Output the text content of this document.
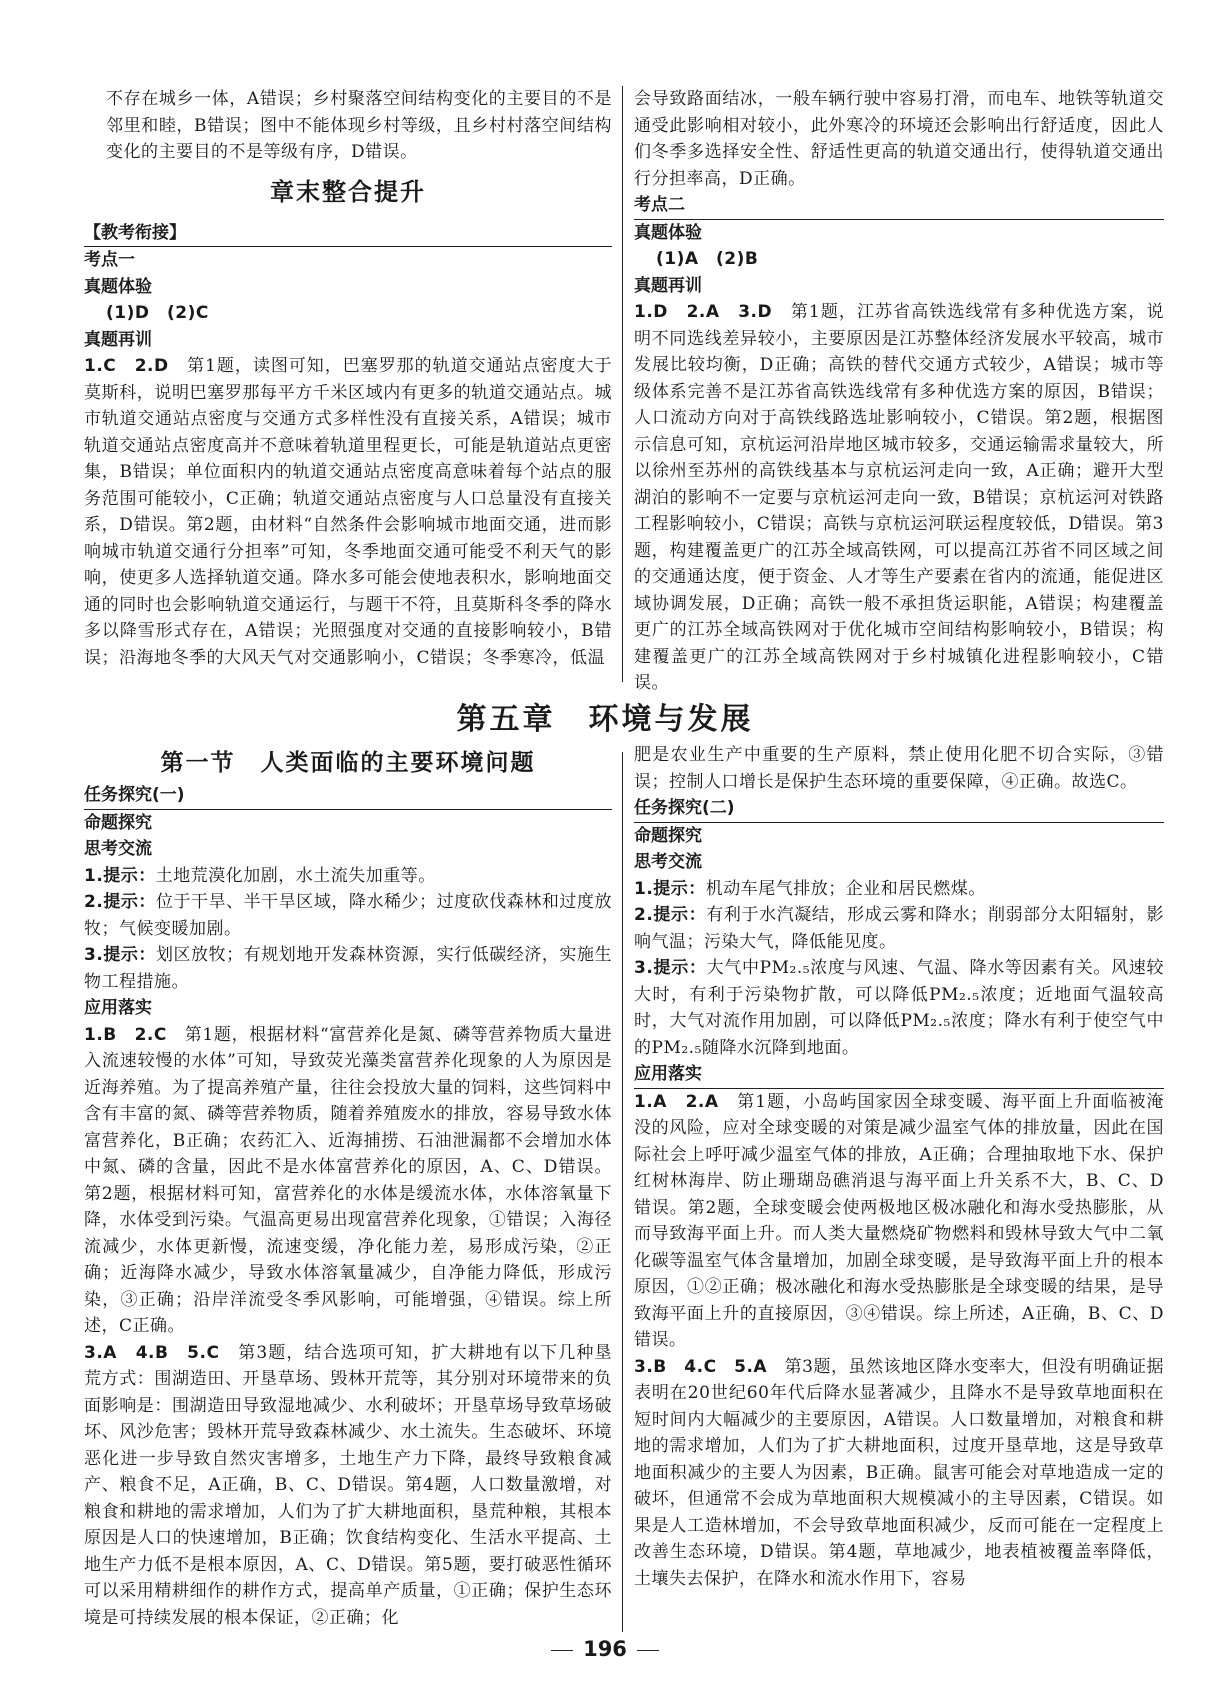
不存在城乡一体，A错误；乡村聚落空间结构变化的主要目的不是邻里和睦，B错误；图中不能体现乡村等级，且乡村村落空间结构变化的主要目的不是等级有序，D错误。

章末整合提升

【教考衔接】

考点一

真题体验

(1)D　(2)C

真题再训

1.C　2.D　 第1题，读图可知，巴塞罗那的轨道交通站点密度大于莫斯科，说明巴塞罗那每平方千米区域内有更多的轨道交通站点。城市轨道交通站点密度与交通方式多样性没有直接关系，A错误；城市轨道交通站点密度高并不意味着轨道里程更长，可能是轨道站点更密集，B错误；单位面积内的轨道交通站点密度高意味着每个站点的服务范围可能较小，C正确；轨道交通站点密度与人口总量没有直接关系，D错误。第2题，由材料“自然条件会影响城市地面交通，进而影响城市轨道交通行分担率”可知，冬季地面交通可能受不利天气的影响，使更多人选择轨道交通。降水多可能会使地表积水，影响地面交通的同时也会影响轨道交通运行，与题干不符，且莫斯科冬季的降水多以降雪形式存在，A错误；光照强度对交通的直接影响较小，B错误；沿海地冬季的大风天气对交通影响小，C错误；冬季寒冷，低温

会导致路面结冰，一般车辆行驶中容易打滑，而电车、地铁等轨道交通受此影响相对较小，此外寒冷的环境还会影响出行舒适度，因此人们冬季多选择安全性、舒适性更高的轨道交通出行，使得轨道交通出行分担率高，D正确。

考点二

真题体验

(1)A　(2)B

真题再训

1.D　2.A　3.D　 第1题，江苏省高铁选线常有多种优选方案，说明不同选线差异较小，主要原因是江苏整体经济发展水平较高，城市发展比较均衡，D正确；高铁的替代交通方式较少，A错误；城市等级体系完善不是江苏省高铁选线常有多种优选方案的原因，B错误；人口流动方向对于高铁线路选址影响较小，C错误。第2题，根据图示信息可知，京杭运河沿岸地区城市较多，交通运输需求量较大，所以徐州至苏州的高铁线基本与京杭运河走向一致，A正确；避开大型湖泊的影响不一定要与京杭运河走向一致，B错误；京杭运河对铁路工程影响较小，C错误；高铁与京杭运河联运程度较低，D错误。第3题，构建覆盖更广的江苏全域高铁网，可以提高江苏省不同区域之间的交通通达度，便于资金、人才等生产要素在省内的流通，能促进区域协调发展，D正确；高铁一般不承担货运职能，A错误；构建覆盖更广的江苏全域高铁网对于优化城市空间结构影响较小，B错误；构建覆盖更广的江苏全域高铁网对于乡村城镇化进程影响较小，C错误。

第五章　环境与发展
第一节　人类面临的主要环境问题

任务探究(一)

命题探究

思考交流

1.提示：土地荒漠化加剧，水土流失加重等。

2.提示：位于干旱、半干旱区域，降水稀少；过度砍伐森林和过度放牧；气候变暖加剧。

3.提示：划区放牧；有规划地开发森林资源，实行低碳经济，实施生物工程措施。

应用落实

1.B　2.C　 第1题，根据材料“富营养化是氮、磷等营养物质大量进入流速较慢的水体”可知，导致荧光藻类富营养化现象的人为原因是近海养殖。为了提高养殖产量，往往会投放大量的饲料，这些饲料中含有丰富的氮、磷等营养物质，随着养殖废水的排放，容易导致水体富营养化，B正确；农药汇入、近海捕捞、石油泄漏都不会增加水体中氮、磷的含量，因此不是水体富营养化的原因，A、C、D错误。第2题，根据材料可知，富营养化的水体是缓流水体，水体溶氧量下降，水体受到污染。气温高更易出现富营养化现象，①错误；入海径流减少，水体更新慢，流速变缓，净化能力差，易形成污染，②正确；近海降水减少，导致水体溶氧量减少，自净能力降低，形成污染，③正确；沿岸洋流受冬季风影响，可能增强，④错误。综上所述，C正确。

3.A　4.B　5.C　 第3题，结合选项可知，扩大耕地有以下几种垦荒方式：围湖造田、开垦草场、毁林开荒等，其分别对环境带来的负面影响是：围湖造田导致湿地减少、水利破坏；开垦草场导致草场破坏、风沙危害；毁林开荒导致森林减少、水土流失。生态破坏、环境恶化进一步导致自然灾害增多，土地生产力下降，最终导致粮食减产、粮食不足，A正确，B、C、D错误。第4题，人口数量激增，对粮食和耕地的需求增加，人们为了扩大耕地面积，垦荒种粮，其根本原因是人口的快速增加，B正确；饮食结构变化、生活水平提高、土地生产力低不是根本原因，A、C、D错误。第5题，要打破恶性循环可以采用精耕细作的耕作方式，提高单产质量，①正确；保护生态环境是可持续发展的根本保证，②正确；化

肥是农业生产中重要的生产原料，禁止使用化肥不切合实际，③错误；控制人口增长是保护生态环境的重要保障，④正确。故选C。

任务探究(二)

命题探究

思考交流

1.提示：机动车尾气排放；企业和居民燃煤。

2.提示：有利于水汽凝结，形成云雾和降水；削弱部分太阳辐射，影响气温；污染大气，降低能见度。

3.提示：大气中PM₂.₅浓度与风速、气温、降水等因素有关。风速较大时，有利于污染物扩散，可以降低PM₂.₅浓度；近地面气温较高时，大气对流作用加剧，可以降低PM₂.₅浓度；降水有利于使空气中的PM₂.₅随降水沉降到地面。

应用落实

1.A　2.A　 第1题，小岛屿国家因全球变暖、海平面上升面临被淹没的风险，应对全球变暖的对策是减少温室气体的排放量，因此在国际社会上呼吁减少温室气体的排放，A正确；合理抽取地下水、保护红树林海岸、防止珊瑚岛礁消退与海平面上升关系不大，B、C、D错误。第2题，全球变暖会使两极地区极冰融化和海水受热膨胀，从而导致海平面上升。而人类大量燃烧矿物燃料和毁林导致大气中二氧化碳等温室气体含量增加，加剧全球变暖，是导致海平面上升的根本原因，①②正确；极冰融化和海水受热膨胀是全球变暖的结果，是导致海平面上升的直接原因，③④错误。综上所述，A正确，B、C、D错误。

3.B　4.C　5.A　 第3题，虽然该地区降水变率大，但没有明确证据表明在20世纪60年代后降水显著减少，且降水不是导致草地面积在短时间内大幅减少的主要原因，A错误。人口数量增加，对粮食和耕地的需求增加，人们为了扩大耕地面积，过度开垦草地，这是导致草地面积减少的主要人为因素，B正确。鼠害可能会对草地造成一定的破坏，但通常不会成为草地面积大规模减小的主导因素，C错误。如果是人工造林增加，不会导致草地面积减少，反而可能在一定程度上改善生态环境，D错误。第4题，草地减少，地表植被覆盖率降低，土壤失去保护，在降水和流水作用下，容易

196
